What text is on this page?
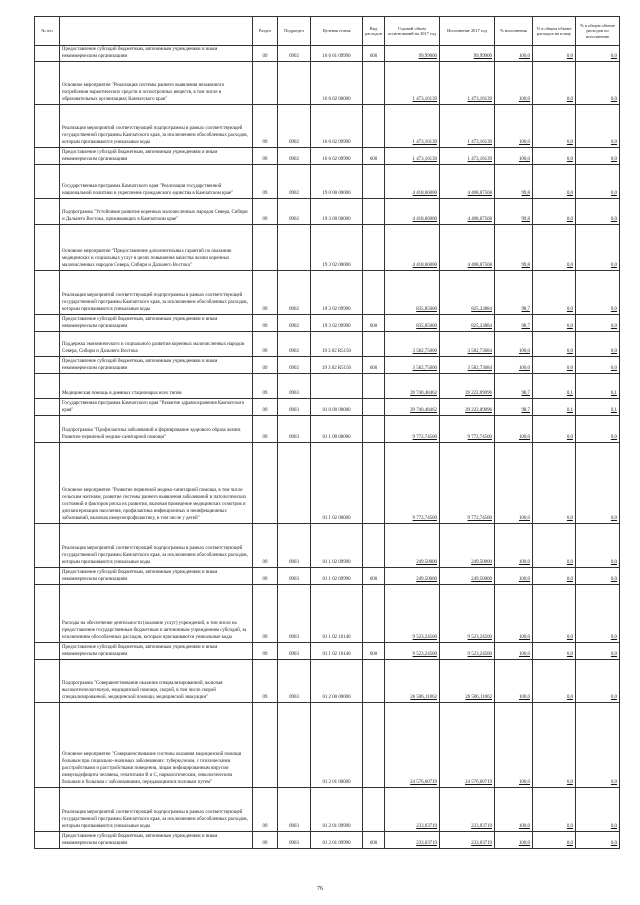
№ п/п		Раздел	Подраздел	Целевая статья	Вид расходов	Годовой объем ассигнований на 2017 год	Исполнение 2017 год	% исполнения	% в общем объеме расходов на плану	% в общем объеме расходов по исполнению
	Предоставление субсидий бюджетным, автономным учреждениям и иным некоммерческим организациям	09	0902	16 6 01 09990	600	99,99000	99,99900	100,0	0,0	0,0
	Основное мероприятие "Реализация системы раннего выявления незаконного потребления наркотических средств и психотропных веществ, в том числе в образовательных организациях Камчатского края"			16 6 02 00000		1 473,16139	1 473,16139	100,0	0,0	0,0
	Реализация мероприятий соответствующей подпрограммы в рамках соответствующей государственной программы Камчатского края, за исключением обособленных расходов, которым присваиваются уникальные коды	09	0902	16 6 02 09990		1 473,16139	1 473,16139	100,0	0,0	0,0
	Предоставление субсидий бюджетным, автономным учреждениям и иным некоммерческим организациям	09	0902	16 6 02 09990	600	1 473,16139	1 473,16139	100,0	0,0	0,0
	Государственная программа Камчатского края "Реализация государственной национальной политики и укрепление гражданского единства в Камчатском крае"	09	0902	19 0 00 00000		4 418,66000	4 408,07568	99,8	0,0	0,0
	Подпрограмма "Устойчивое развитие коренных малочисленных народов Севера, Сибири и Дальнего Востока, проживающих в Камчатском крае"	09	0902	19 3 00 00000		4 418,66000	4 408,07568	99,8	0,0	0,0
	Основное мероприятие "Предоставление дополнительных гарантий по оказанию медицинских и социальных услуг в целях повышения качества жизни коренных малочисленных народов Севера, Сибири и Дальнего Востока"			19 3 02 00000		4 418,66000	4 408,07568	99,8	0,0	0,0
	Реализация мероприятий соответствующей подпрограммы в рамках соответствующей государственной программы Камчатского края, за исключением обособленных расходов, которым присваиваются уникальные коды	09	0902	19 3 02 09990		835,85000	825,33884	98,7	0,0	0,0
	Предоставление субсидий бюджетным, автономным учреждениям и иным некоммерческим организациям	09	0902	19 3 02 09990	600	835,85000	825,33884	98,7	0,0	0,0
	Поддержка экономического и социального развития коренных малочисленных народов Севера, Сибири и Дальнего Востока	09	0902	19 3 02 R5150		3 582,75000	3 582,73684	100,0	0,0	0,0
	Предоставление субсидий бюджетным, автономным учреждениям и иным некоммерческим организациям	09	0902	19 3 02 R5150	600	3 582,75000	3 582,73684	100,0	0,0	0,0
	Медицинская помощь в дневных стационарах всех типов	09	0903			39 740,48462	39 222,09096	98,7	0,1	0,1
	Государственная программа Камчатского края "Развитие здравоохранения Камчатского края"	09	0903	01 0 00 00000		39 740,48462	39 222,09096	98,7	0,1	0,1
	Подпрограмма "Профилактика заболеваний и формирование здорового образа жизни. Развитие первичной медико-санитарной помощи"	09	0903	01 1 00 00000		9 772,74500	9 772,74500	100,0	0,0	0,0
	Основное мероприятие "Развитие первичной медико-санитарной помощи, в том числе сельским жителям, развитие системы раннего выявления заболеваний и патологических состояний и факторов риска их развития, включая проведение медицинских осмотров и диспансеризации населения, профилактика инфекционных и неинфекционных заболеваний, включая иммунопрофилактику, в том числе у детей"			01 1 02 00000		9 772,74500	9 772,74500	100,0	0,0	0,0
	Реализация мероприятий соответствующей подпрограммы в рамках соответствующей государственной программы Камчатского края, за исключением обособленных расходов, которым присваиваются уникальные коды	09	0903	01 1 02 09990		249,50000	249,50000	100,0	0,0	0,0
	Предоставление субсидий бюджетным, автономным учреждениям и иным некоммерческим организациям	09	0903	01 1 02 09990	600	249,50000	249,50000	100,0	0,0	0,0
	Расходы на обеспечение деятельности (оказание услуг) учреждений, в том числе на предоставление государственным бюджетным и автономным учреждениям субсидий, за исключением обособленных расходов, которым присваиваются уникальные коды	09	0903	01 1 02 10140		9 523,24500	9 523,24500	100,0	0,0	0,0
	Предоставление субсидий бюджетным, автономным учреждениям и иным некоммерческим организациям	09	0903	01 1 02 10140	600	9 523,24500	9 523,24500	100,0	0,0	0,0
	Подпрограмма "Совершенствование оказания специализированной, включая высокотехнологичную, медицинской помощи, скорой, в том числе скорой специализированной, медицинской помощи, медицинской эвакуации"	09	0903	01 2 00 00000		26 506,11062	26 506,11062	100,0	0,0	0,0
	Основное мероприятие "Совершенствование системы оказания медицинской помощи больным при социально-значимых заболеваниях: туберкулезом, с психическими расстройствами и расстройствами поведения, лицам инфицированным вирусом иммунодефицита человека, гепатитами B и C, наркологическим, онкологическим больным и больным с заболеваниями, передающимися половым путем"			01 2 01 00000		24 576,60719	24 576,60719	100,0	0,0	0,0
	Реализация мероприятий соответствующей подпрограммы в рамках соответствующей государственной программы Камчатского края, за исключением обособленных расходов, которым присваиваются уникальные коды	09	0903	01 2 01 09990		233,03719	233,03719	100,0	0,0	0,0
	Предоставление субсидий бюджетным, автономным учреждениям и иным некоммерческим организациям	09	0903	01 2 01 09990	600	233,03719	233,03719	100,0	0,0	0,0
76
